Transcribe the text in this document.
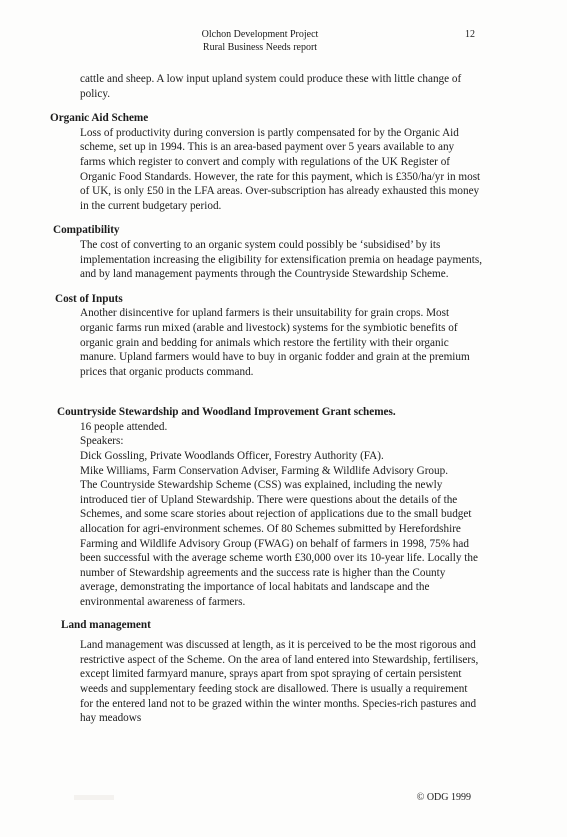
Olchon Development Project
Rural Business Needs report
12

cattle and sheep. A low input upland system could produce these with little change of policy.

Organic Aid Scheme

Loss of productivity during conversion is partly compensated for by the Organic Aid scheme, set up in 1994. This is an area-based payment over 5 years available to any farms which register to convert and comply with regulations of the UK Register of Organic Food Standards. However, the rate for this payment, which is £350/ha/yr in most of UK, is only £50 in the LFA areas. Over-subscription has already exhausted this money in the current budgetary period.

Compatibility

The cost of converting to an organic system could possibly be ‘subsidised’ by its implementation increasing the eligibility for extensification premia on headage payments, and by land management payments through the Countryside Stewardship Scheme.

Cost of Inputs

Another disincentive for upland farmers is their unsuitability for grain crops. Most organic farms run mixed (arable and livestock) systems for the symbiotic benefits of organic grain and bedding for animals which restore the fertility with their organic manure. Upland farmers would have to buy in organic fodder and grain at the premium prices that organic products command.

Countryside Stewardship and Woodland Improvement Grant schemes.

16 people attended.

Speakers:

Dick Gossling, Private Woodlands Officer, Forestry Authority (FA).

Mike Williams, Farm Conservation Adviser, Farming & Wildlife Advisory Group.

The Countryside Stewardship Scheme (CSS) was explained, including the newly introduced tier of Upland Stewardship. There were questions about the details of the Schemes, and some scare stories about rejection of applications due to the small budget allocation for agri-environment schemes. Of 80 Schemes submitted by Herefordshire Farming and Wildlife Advisory Group (FWAG) on behalf of farmers in 1998, 75% had been successful with the average scheme worth £30,000 over its 10-year life. Locally the number of Stewardship agreements and the success rate is higher than the County average, demonstrating the importance of local habitats and landscape and the environmental awareness of farmers.

Land management

Land management was discussed at length, as it is perceived to be the most rigorous and restrictive aspect of the Scheme. On the area of land entered into Stewardship, fertilisers, except limited farmyard manure, sprays apart from spot spraying of certain persistent weeds and supplementary feeding stock are disallowed. There is usually a requirement for the entered land not to be grazed within the winter months. Species-rich pastures and hay meadows

© ODG 1999
